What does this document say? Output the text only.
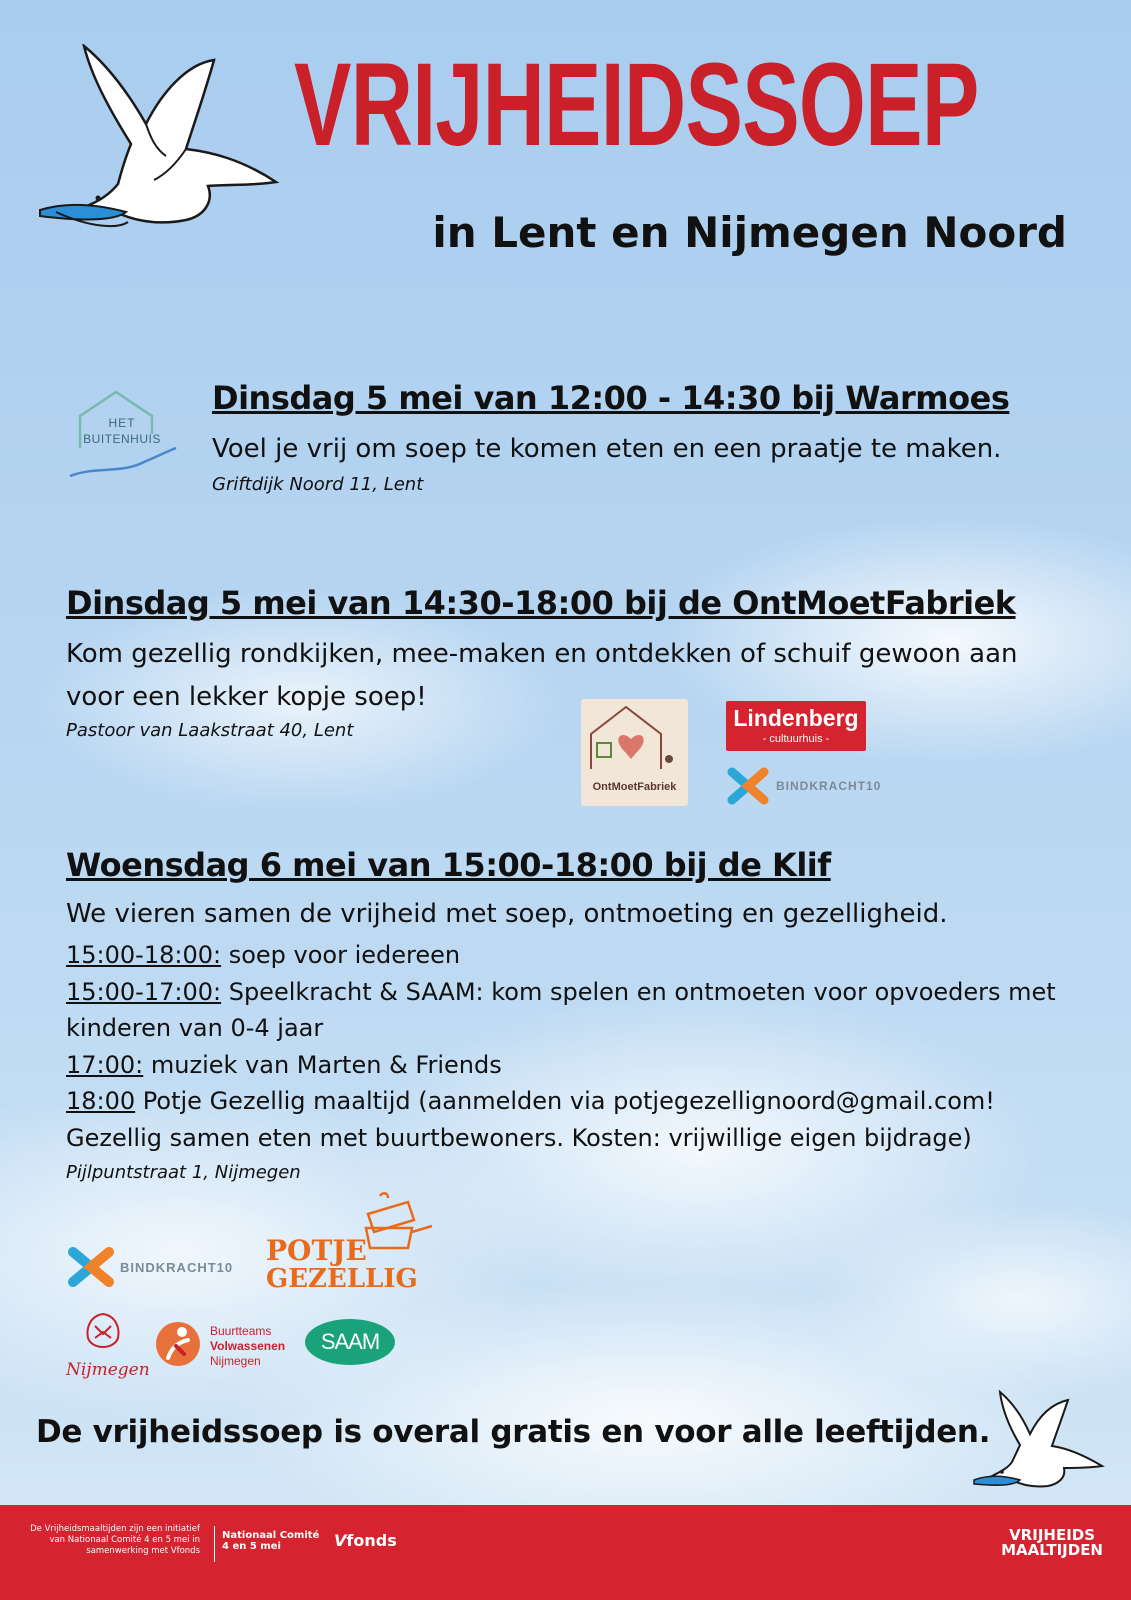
VRIJHEIDSSOEP
in Lent en Nijmegen Noord
HET
BUITENHUIS
Dinsdag 5 mei van 12:00 - 14:30 bij Warmoes
Voel je vrij om soep te komen eten en een praatje te maken.
Griftdijk Noord 11, Lent
Dinsdag 5 mei van 14:30-18:00 bij de OntMoetFabriek
Kom gezellig rondkijken, mee-maken en ontdekken of schuif gewoon aan voor een lekker kopje soep!
Pastoor van Laakstraat 40, Lent
OntMoetFabriek
Lindenberg
- cultuurhuis -
BINDKRACHT10
Woensdag 6 mei van 15:00-18:00 bij de Klif
We vieren samen de vrijheid met soep, ontmoeting en gezelligheid.
15:00-18:00: soep voor iedereen
15:00-17:00: Speelkracht & SAAM: kom spelen en ontmoeten voor opvoeders met kinderen van 0-4 jaar
17:00: muziek van Marten & Friends
18:00 Potje Gezellig maaltijd (aanmelden via potjegezellignoord@gmail.com! Gezellig samen eten met buurtbewoners. Kosten: vrijwillige eigen bijdrage)
Pijlpuntstraat 1, Nijmegen
BINDKRACHT10
POTJE
GEZELLIG
Nijmegen
Buurtteams
Volwassenen
Nijmegen
SAAM
De vrijheidssoep is overal gratis en voor alle leeftijden.
De Vrijheidsmaaltijden zijn een initiatief van Nationaal Comité 4 en 5 mei in samenwerking met Vfonds
Nationaal Comité
4 en 5 mei	Vfonds	VRIJHEIDS
MAALTIJDEN
